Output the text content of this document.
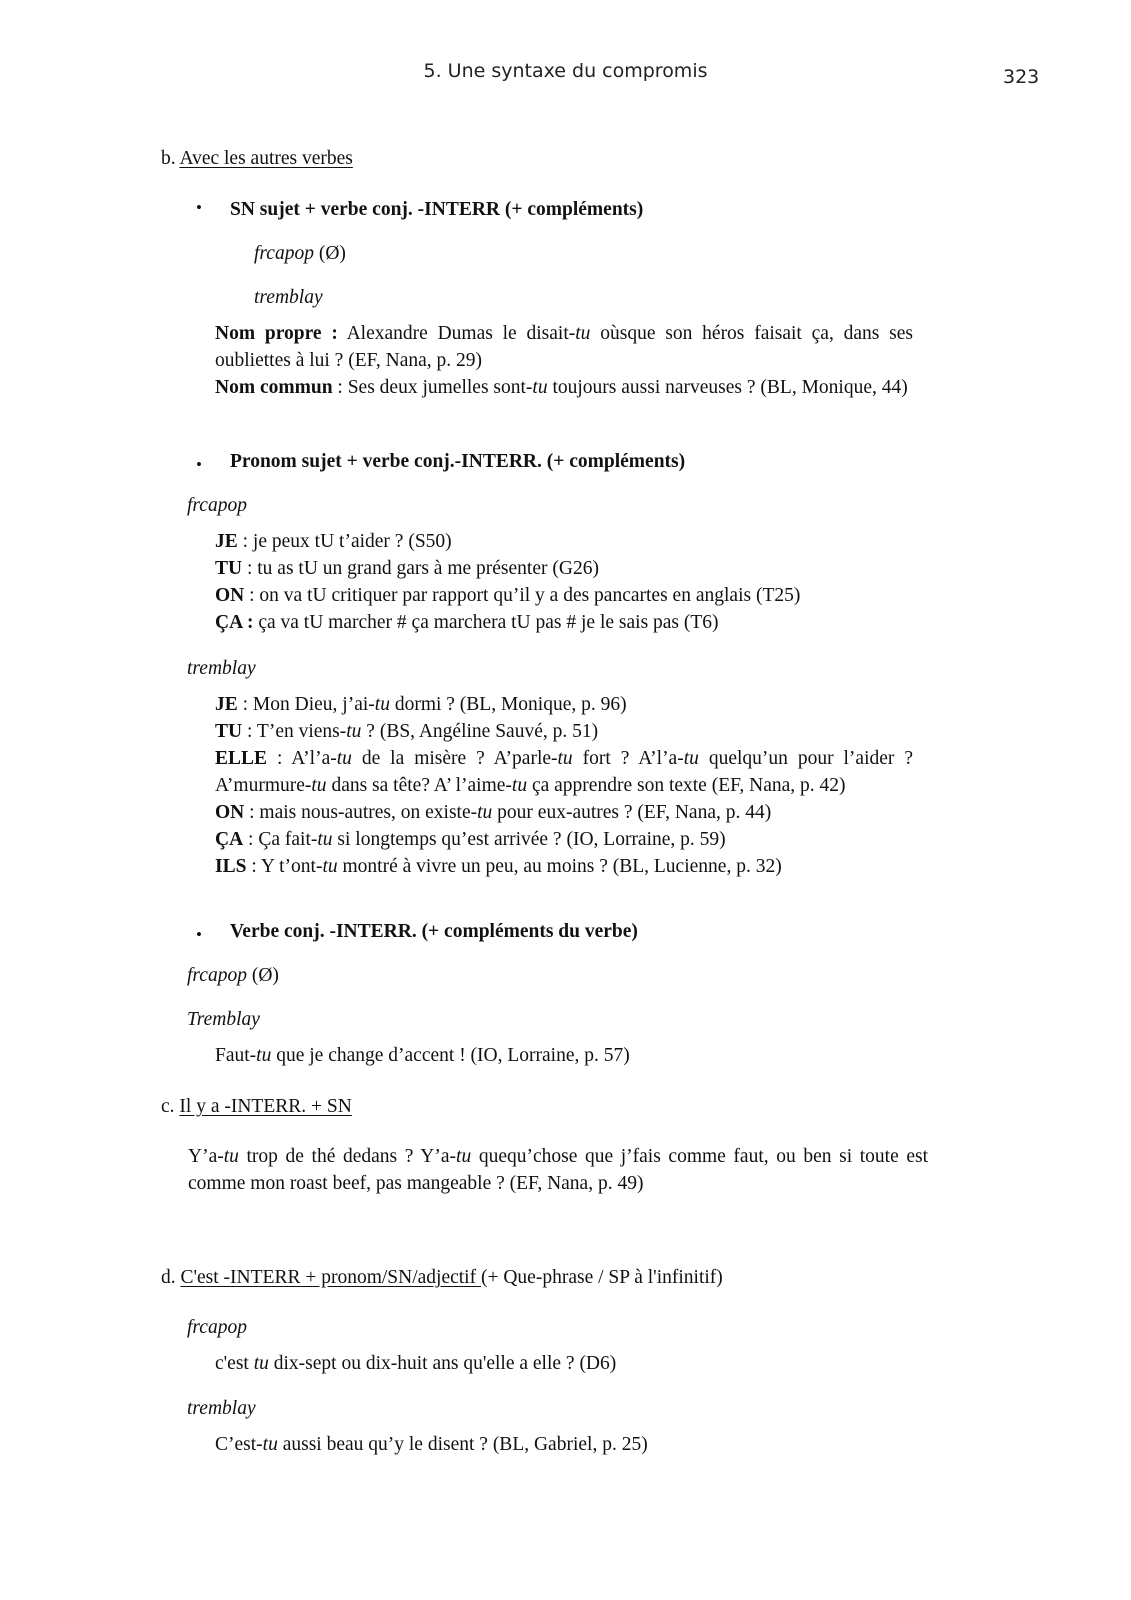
5. Une syntaxe du compromis	323
b. Avec les autres verbes
• SN sujet + verbe conj. -INTERR (+ compléments)
frcapop (Ø)
tremblay
Nom propre : Alexandre Dumas le disait-tu oùsque son héros faisait ça, dans ses oubliettes à lui ? (EF, Nana, p. 29)
Nom commun : Ses deux jumelles sont-tu toujours aussi narveuses ? (BL, Monique, 44)
• Pronom sujet + verbe conj.-INTERR. (+ compléments)
frcapop
JE : je peux tU t’aider ? (S50)
TU : tu as tU un grand gars à me présenter (G26)
ON : on va tU critiquer par rapport qu’il y a des pancartes en anglais (T25)
ÇA : ça va tU marcher # ça marchera tU pas # je le sais pas (T6)
tremblay
JE : Mon Dieu, j’ai-tu dormi ? (BL, Monique, p. 96)
TU : T’en viens-tu ? (BS, Angéline Sauvé, p. 51)
ELLE : A’l’a-tu de la misère ? A’parle-tu fort ? A’l’a-tu quelqu’un pour l’aider ? A’murmure-tu dans sa tête? A’ l’aime-tu ça apprendre son texte (EF, Nana, p. 42)
ON : mais nous-autres, on existe-tu pour eux-autres ? (EF, Nana, p. 44)
ÇA : Ça fait-tu si longtemps qu’est arrivée ? (IO, Lorraine, p. 59)
ILS : Y t’ont-tu montré à vivre un peu, au moins ? (BL, Lucienne, p. 32)
• Verbe conj. -INTERR. (+ compléments du verbe)
frcapop (Ø)
Tremblay
Faut-tu que je change d’accent ! (IO, Lorraine, p. 57)
c. Il y a -INTERR. + SN
Y’a-tu trop de thé dedans ? Y’a-tu quequ’chose que j’fais comme faut, ou ben si toute est comme mon roast beef, pas mangeable ? (EF, Nana, p. 49)
d. C'est -INTERR + pronom/SN/adjectif (+ Que-phrase / SP à l'infinitif)
frcapop
c'est tu dix-sept ou dix-huit ans qu'elle a elle ? (D6)
tremblay
C’est-tu aussi beau qu’y le disent ? (BL, Gabriel, p. 25)
